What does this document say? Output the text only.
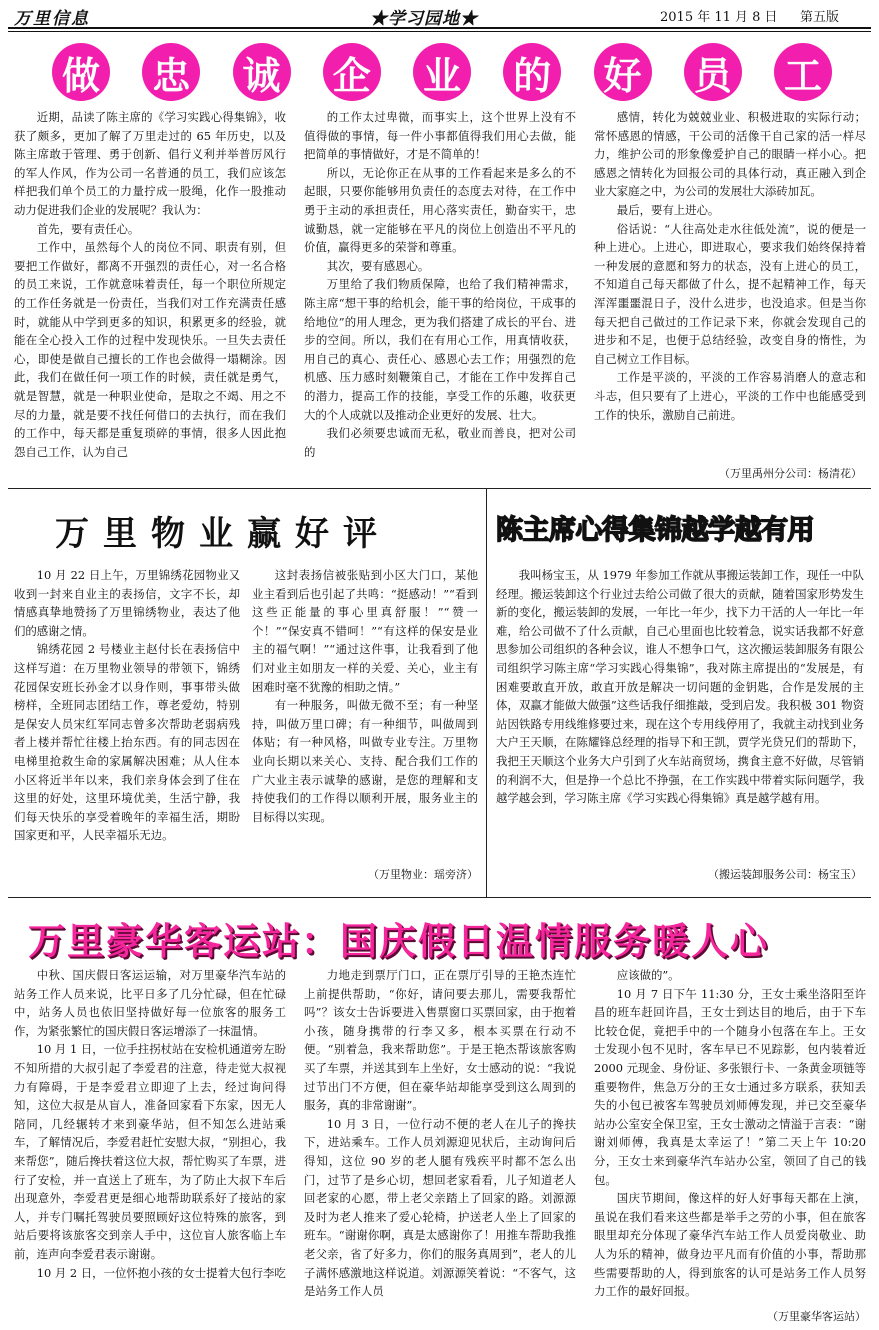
万里信息	★学习园地★	2015 年 11 月 8 日 第五版
做 忠 诚 企 业 的 好 员 工

近期，品读了陈主席的《学习实践心得集锦》，收获了颇多，更加了解了万里走过的 65 年历史，以及陈主席敢于管理、勇于创新、倡行义利并举普厉风行的军人作风，作为公司一名普通的员工，我们应该怎样把我们单个员工的力量拧成一股绳，化作一股推动动力促进我们企业的发展呢？我认为：

首先，要有责任心。

工作中，虽然每个人的岗位不同、职责有别，但要把工作做好，都离不开强烈的责任心，对一名合格的员工来说，工作就意味着责任，每一个职位所规定的工作任务就是一份责任，当我们对工作充满责任感时，就能从中学到更多的知识，积累更多的经验，就能在全心投入工作的过程中发现快乐。一旦失去责任心，即使是做自己擅长的工作也会做得一塌糊涂。因此，我们在做任何一项工作的时候，责任就是勇气，就是智慧，就是一种职业使命，是取之不竭、用之不尽的力量，就是要不找任何借口的去执行，而在我们的工作中，每天都是重复琐碎的事情，很多人因此抱怨自己工作，认为自己

的工作太过卑微，而事实上，这个世界上没有不值得做的事情，每一件小事都值得我们用心去做，能把简单的事情做好，才是不简单的！

所以，无论你正在从事的工作看起来是多么的不起眼，只要你能够用负责任的态度去对待，在工作中勇于主动的承担责任，用心落实责任，勤奋实干，忠诚勤恳，就一定能够在平凡的岗位上创造出不平凡的价值，赢得更多的荣誉和尊重。

其次，要有感恩心。

万里给了我们物质保障，也给了我们精神需求，陈主席“想干事的给机会，能干事的给岗位，干成事的给地位”的用人理念，更为我们搭建了成长的平台、进步的空间。所以，我们在有用心工作，用真情收获，用自己的真心、责任心、感恩心去工作；用强烈的危机感、压力感时刻鞭策自己，才能在工作中发挥自己的潜力，提高工作的技能，享受工作的乐趣，收获更大的个人成就以及推动企业更好的发展、壮大。

我们必须要忠诚而无私，敬业而善良，把对公司的

感情，转化为兢兢业业、积极进取的实际行动；常怀感恩的情感，干公司的活像干自己家的活一样尽力，维护公司的形象像爱护自己的眼睛一样小心。把感恩之情转化为回报公司的具体行动，真正融入到企业大家庭之中，为公司的发展壮大添砖加瓦。

最后，要有上进心。

俗话说：“人往高处走水往低处流”，说的便是一种上进心。上进心，即进取心，要求我们始终保持着一种发展的意愿和努力的状态，没有上进心的员工，不知道自己每天都做了什么，提不起精神工作，每天浑浑噩噩混日子，没什么进步，也没追求。但是当你每天把自己做过的工作记录下来，你就会发现自己的进步和不足，也便于总结经验，改变自身的惰性，为自己树立工作目标。

工作是平淡的，平淡的工作容易消磨人的意志和斗志，但只要有了上进心，平淡的工作中也能感受到工作的快乐，激励自己前进。

（万里禹州分公司：杨清花）
万里物业赢好评

10 月 22 日上午，万里锦绣花园物业又收到一封来自业主的表扬信，文字不长，却情感真挚地赞扬了万里锦绣物业，表达了他们的感谢之情。

锦绣花园 2 号楼业主赵付长在表扬信中这样写道：在万里物业领导的带领下，锦绣花园保安班长孙金才以身作则，事事带头做榜样，全班同志团结工作，尊老爱幼，特别是保安人员宋红军同志曾多次帮助老弱病残者上楼并帮忙往楼上抬东西。有的同志因在电梯里抢救生命的家属解决困难；从人住本小区将近半年以来，我们亲身体会到了住在这里的好处，这里环境优美，生活宁静，我们每天快乐的享受着晚年的幸福生活，期盼国家更和平，人民幸福乐无边。

这封表扬信被张贴到小区大门口，某他业主看到后也引起了共鸣：“挺感动！”“看到这些正能量的事心里真舒服！”“赞一个！”“保安真不错呵！”“有这样的保安是业主的福气啊！”“通过这件事，让我看到了他们对业主如朋友一样的关爱、关心，业主有困难时毫不犹豫的相助之情。”

有一种服务，叫做无微不至；有一种坚持，叫做万里口碑；有一种细节，叫做周到体贴；有一种风格，叫做专业专注。万里物业向长期以来关心、支持、配合我们工作的广大业主表示诚挚的感谢，是您的理解和支持使我们的工作得以顺利开展，服务业主的目标得以实现。

（万里物业：瑶旁济）
陈主席心得集锦越学越有用

我叫杨宝玉，从 1979 年参加工作就从事搬运装卸工作，现任一中队经理。搬运装卸这个行业过去给公司做了很大的贡献，随着国家形势发生新的变化，搬运装卸的发展，一年比一年少，找下力干活的人一年比一年难，给公司做不了什么贡献，自己心里面也比较着急，说实话我都不好意思参加公司组织的各种会议，谁人不想争口气，这次搬运装卸服务有限公司组织学习陈主席“学习实践心得集锦”，我对陈主席提出的“发展是，有困难要敢直开放，敢直开放是解决一切问题的金钥匙，合作是发展的主体，双赢才能做大做强”这些话我仔细推敲，受到启发。我积极 301 物资站因铁路专用线维修要过来，现在这个专用线停用了，我就主动找到业务大户王天顺，在陈耀锋总经理的指导下和王凯，贾学光贷兄们的帮助下，我把王天顺这个业务大户引到了火车站商贸场，携食主意不好做，尽管销的利润不大，但是挣一个总比不挣强，在工作实践中带着实际问题学，我越学越会到，学习陈主席《学习实践心得集锦》真是越学越有用。

（搬运装卸服务公司：杨宝玉）
万里豪华客运站：国庆假日温情服务暖人心

中秋、国庆假日客运运输，对万里豪华汽车站的站务工作人员来说，比平日多了几分忙碌，但在忙碌中，站务人员也依旧坚持做好每一位旅客的服务工作，为紧张繁忙的国庆假日客运增添了一抹温情。

10 月 1 日，一位手拄拐杖站在安检机通道旁左盼不知所措的大叔引起了李爱君的注意，待走觉大叔视力有障碍，于是李爱君立即迎了上去，经过询问得知，这位大叔是从盲人，准备回家看下东家，因无人陪同，几经辗转才来到豪华站，但不知怎么进站乘车，了解情况后，李爱君赶忙安慰大叔，“别担心，我来帮您”，随后搀扶着这位大叔，帮忙购买了车票，进行了安检，并一直送上了班车，为了防止大叔下车后出现意外，李爱君更是细心地帮助联系好了接站的家人，并专门嘱托驾驶员要照顾好这位特殊的旅客，到站后要将该旅客交到亲人手中，这位盲人旅客临上车前，连声向李爱君表示谢谢。

10 月 2 日，一位怀抱小孩的女士提着大包行李吃

力地走到票厅门口，正在票厅引导的王艳杰连忙上前提供帮助，“你好，请问要去那儿，需要我帮忙吗”？该女士告诉要进入售票窗口买票回家，由于抱着小孩，随身携带的行李又多，根本买票在行动不便。“别着急，我来帮助您”。于是王艳杰帮该旅客购买了车票，并送其到车上坐好，女士感动的说：“我说过节出门不方便，但在豪华站却能享受到这么周到的服务，真的非常谢谢”。

10 月 3 日，一位行动不便的老人在儿子的搀扶下，进站乘车。工作人员刘源迎见状后，主动询问后得知，这位 90 岁的老人腿有残疾平时都不怎么出门，过节了是乡心切，想回老家看看，儿子知道老人回老家的心愿，带上老父亲踏上了回家的路。刘源源及时为老人推来了爱心轮椅，护送老人坐上了回家的班车。“谢谢你啊，真是太感谢你了！用推车帮助我推老父亲，省了好多力，你们的服务真周到”，老人的儿子满怀感激地这样说道。刘源源笑着说：“不客气，这是站务工作人员

应该做的”。

10 月 7 日下午 11:30 分，王女士乘坐洛阳至许昌的班车赶回许昌，王女士到达目的地后，由于下车比较仓促，竟把手中的一个随身小包落在车上。王女士发现小包不见时，客车早已不见踪影，包内装着近 2000 元现金、身份证、多张银行卡、一条黄金项链等重要物件，焦急万分的王女士通过多方联系，获知丢失的小包已被客车驾驶员刘师傅发现，并已交至豪华站办公室安全保卫室，王女士激动之情溢于言表：“谢谢刘师傅，我真是太幸运了！”第二天上午 10:20 分，王女士来到豪华汽车站办公室，领回了自己的钱包。

国庆节期间，像这样的好人好事每天都在上演，虽说在我们看来这些都是举手之劳的小事，但在旅客眼里却充分体现了豪华汽车站工作人员爱岗敬业、助人为乐的精神，做身边平凡而有价值的小事，帮助那些需要帮助的人，得到旅客的认可是站务工作人员努力工作的最好回报。

（万里豪华客运站）
